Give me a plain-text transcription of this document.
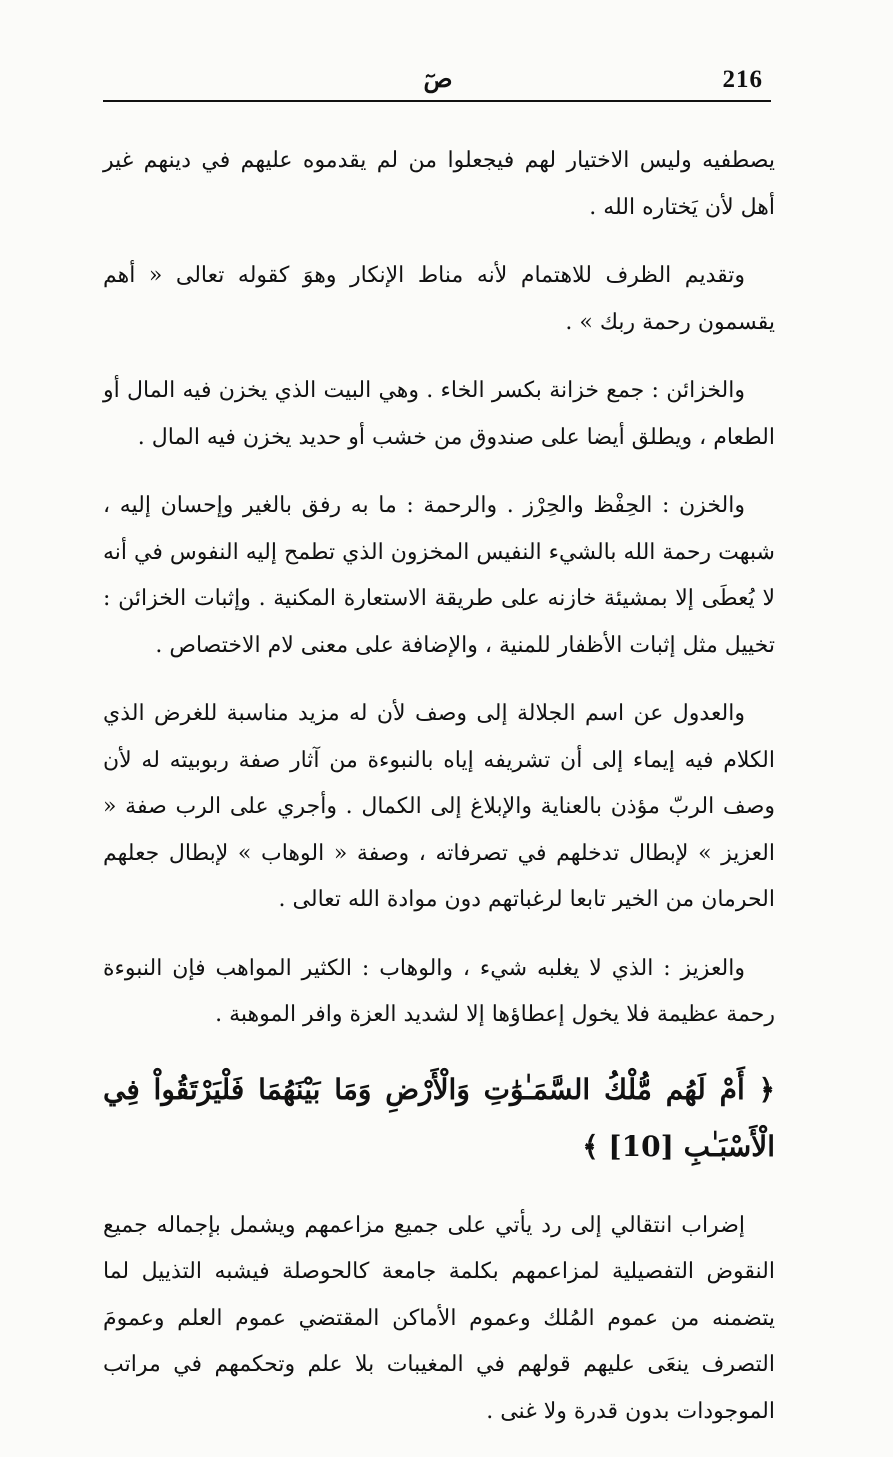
216
صٓ

يصطفيه وليس الاختيار لهم فيجعلوا من لم يقدموه عليهم في دينهم غير أهل لأن يَختاره الله .

وتقديم الظرف للاهتمام لأنه مناط الإنكار وهوَ كقوله تعالى « أهم يقسمون رحمة ربك » .

والخزائن : جمع خزانة بكسر الخاء . وهي البيت الذي يخزن فيه المال أو الطعام ، ويطلق أيضا على صندوق من خشب أو حديد يخزن فيه المال .

والخزن : الحِفْظ والحِرْز . والرحمة : ما به رفق بالغير وإحسان إليه ، شبهت رحمة الله بالشيء النفيس المخزون الذي تطمح إليه النفوس في أنه لا يُعطَى إلا بمشيئة خازنه على طريقة الاستعارة المكنية . وإثبات الخزائن : تخييل مثل إثبات الأظفار للمنية ، والإضافة على معنى لام الاختصاص .

والعدول عن اسم الجلالة إلى وصف لأن له مزيد مناسبة للغرض الذي الكلام فيه إيماء إلى أن تشريفه إياه بالنبوءة من آثار صفة ربوبيته له لأن وصف الربّ مؤذن بالعناية والإبلاغ إلى الكمال . وأجري على الرب صفة « العزيز » لإبطال تدخلهم في تصرفاته ، وصفة « الوهاب » لإبطال جعلهم الحرمان من الخير تابعا لرغباتهم دون موادة الله تعالى .

والعزيز : الذي لا يغلبه شيء ، والوهاب : الكثير المواهب فإن النبوءة رحمة عظيمة فلا يخول إعطاؤها إلا لشديد العزة وافر الموهبة .

﴿ أَمْ لَهُم مُّلْكُ السَّمَـٰوَٰتِ وَالْأَرْضِ وَمَا بَيْنَهُمَا فَلْيَرْتَقُواْ فِي الْأَسْبَـٰبِ [10] ﴾

إضراب انتقالي إلى رد يأتي على جميع مزاعمهم ويشمل بإجماله جميع النقوض التفصيلية لمزاعمهم بكلمة جامعة كالحوصلة فيشبه التذييل لما يتضمنه من عموم المُلك وعموم الأماكن المقتضي عموم العلم وعمومَ التصرف ينعَى عليهم قولهم في المغيبات بلا علم وتحكمهم في مراتب الموجودات بدون قدرة ولا غنى .
